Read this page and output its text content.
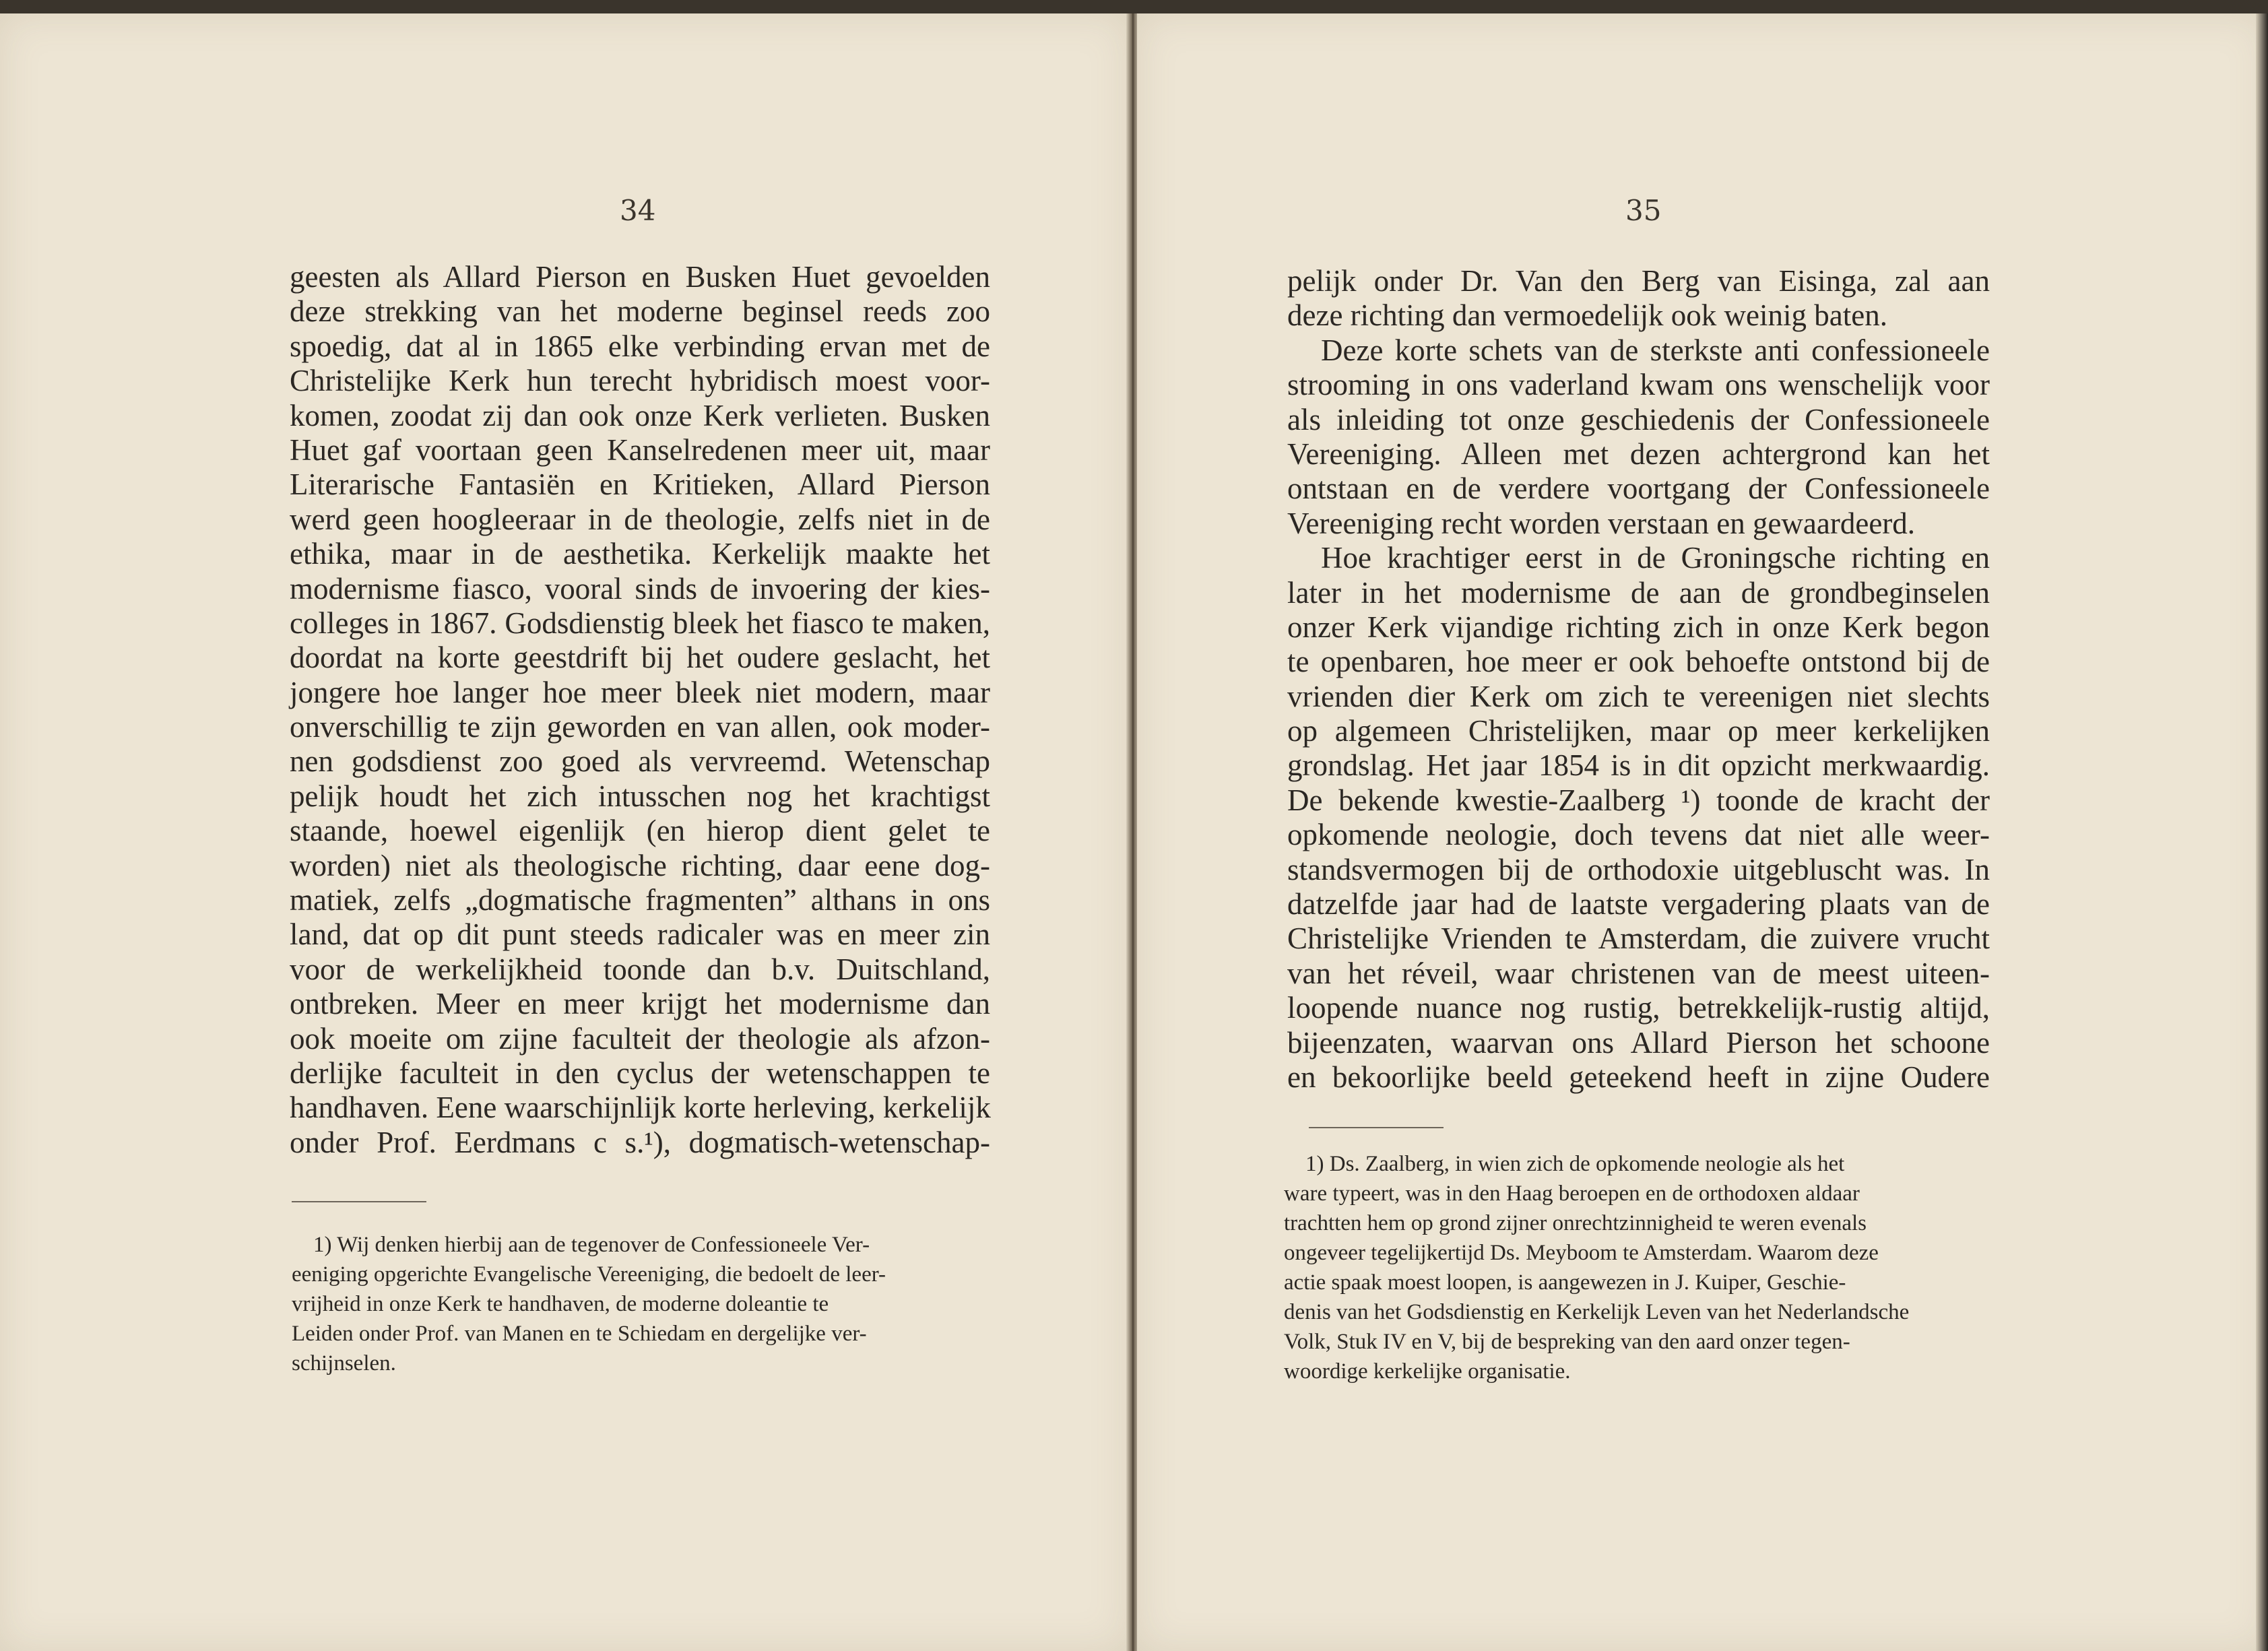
34
geesten als Allard Pierson en Busken Huet gevoelden
deze strekking van het moderne beginsel reeds zoo
spoedig, dat al in 1865 elke verbinding ervan met de
Christelijke Kerk hun terecht hybridisch moest voor-
komen, zoodat zij dan ook onze Kerk verlieten. Busken
Huet gaf voortaan geen Kanselredenen meer uit, maar
Literarische Fantasiën en Kritieken, Allard Pierson
werd geen hoogleeraar in de theologie, zelfs niet in de
ethika, maar in de aesthetika. Kerkelijk maakte het
modernisme fiasco, vooral sinds de invoering der kies-
colleges in 1867. Godsdienstig bleek het fiasco te maken,
doordat na korte geestdrift bij het oudere geslacht, het
jongere hoe langer hoe meer bleek niet modern, maar
onverschillig te zijn geworden en van allen, ook moder-
nen godsdienst zoo goed als vervreemd. Wetenschap
pelijk houdt het zich intusschen nog het krachtigst
staande, hoewel eigenlijk (en hierop dient gelet te
worden) niet als theologische richting, daar eene dog-
matiek, zelfs „dogmatische fragmenten” althans in ons
land, dat op dit punt steeds radicaler was en meer zin
voor de werkelijkheid toonde dan b.v. Duitschland,
ontbreken. Meer en meer krijgt het modernisme dan
ook moeite om zijne faculteit der theologie als afzon-
derlijke faculteit in den cyclus der wetenschappen te
handhaven. Eene waarschijnlijk korte herleving, kerkelijk
onder Prof. Eerdmans c s.¹), dogmatisch-wetenschap-
1) Wij denken hierbij aan de tegenover de Confessioneele Ver-
eeniging opgerichte Evangelische Vereeniging, die bedoelt de leer-
vrijheid in onze Kerk te handhaven, de moderne doleantie te
Leiden onder Prof. van Manen en te Schiedam en dergelijke ver-
schijnselen.
35
pelijk onder Dr. Van den Berg van Eisinga, zal aan
deze richting dan vermoedelijk ook weinig baten.
Deze korte schets van de sterkste anti confessioneele
strooming in ons vaderland kwam ons wenschelijk voor
als inleiding tot onze geschiedenis der Confessioneele
Vereeniging. Alleen met dezen achtergrond kan het
ontstaan en de verdere voortgang der Confessioneele
Vereeniging recht worden verstaan en gewaardeerd.
Hoe krachtiger eerst in de Groningsche richting en
later in het modernisme de aan de grondbeginselen
onzer Kerk vijandige richting zich in onze Kerk begon
te openbaren, hoe meer er ook behoefte ontstond bij de
vrienden dier Kerk om zich te vereenigen niet slechts
op algemeen Christelijken, maar op meer kerkelijken
grondslag. Het jaar 1854 is in dit opzicht merkwaardig.
De bekende kwestie-Zaalberg ¹) toonde de kracht der
opkomende neologie, doch tevens dat niet alle weer-
standsvermogen bij de orthodoxie uitgebluscht was. In
datzelfde jaar had de laatste vergadering plaats van de
Christelijke Vrienden te Amsterdam, die zuivere vrucht
van het réveil, waar christenen van de meest uiteen-
loopende nuance nog rustig, betrekkelijk-rustig altijd,
bijeenzaten, waarvan ons Allard Pierson het schoone
en bekoorlijke beeld geteekend heeft in zijne Oudere
1) Ds. Zaalberg, in wien zich de opkomende neologie als het
ware typeert, was in den Haag beroepen en de orthodoxen aldaar
trachtten hem op grond zijner onrechtzinnigheid te weren evenals
ongeveer tegelijkertijd Ds. Meyboom te Amsterdam. Waarom deze
actie spaak moest loopen, is aangewezen in J. Kuiper, Geschie-
denis van het Godsdienstig en Kerkelijk Leven van het Nederlandsche
Volk, Stuk IV en V, bij de bespreking van den aard onzer tegen-
woordige kerkelijke organisatie.
